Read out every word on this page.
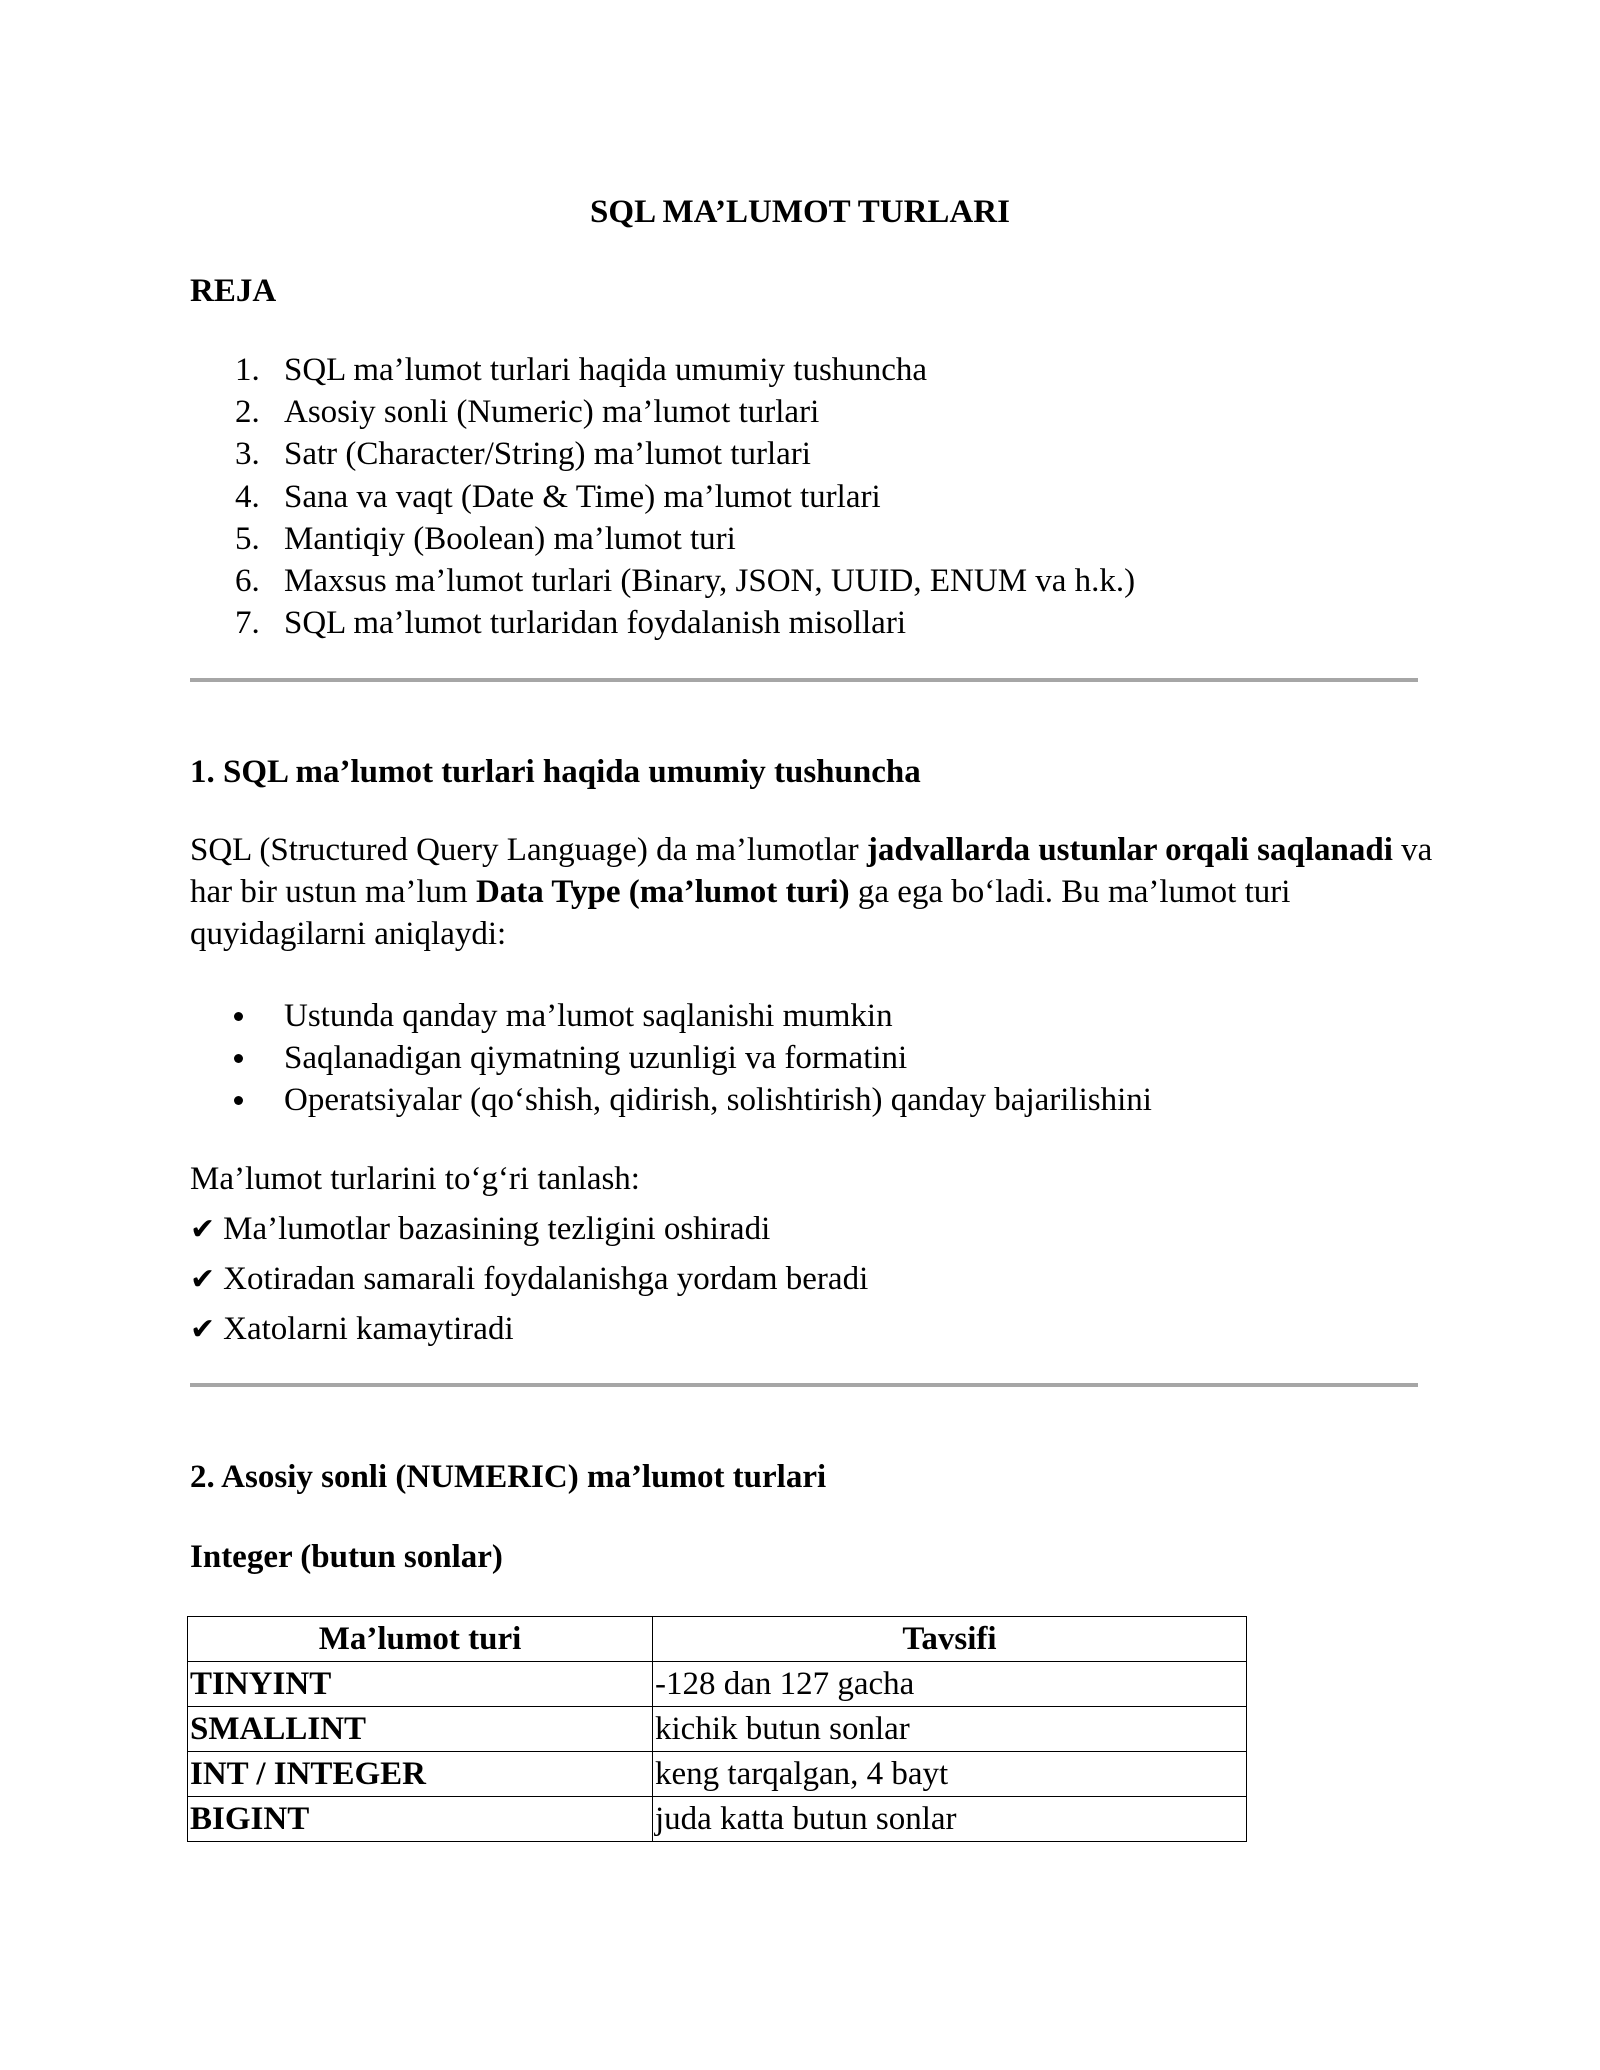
SQL MA’LUMOT TURLARI
REJA
1. SQL ma’lumot turlari haqida umumiy tushuncha
2. Asosiy sonli (Numeric) ma’lumot turlari
3. Satr (Character/String) ma’lumot turlari
4. Sana va vaqt (Date & Time) ma’lumot turlari
5. Mantiqiy (Boolean) ma’lumot turi
6. Maxsus ma’lumot turlari (Binary, JSON, UUID, ENUM va h.k.)
7. SQL ma’lumot turlaridan foydalanish misollari
1. SQL ma’lumot turlari haqida umumiy tushuncha

SQL (Structured Query Language) da ma’lumotlar jadvallarda ustunlar orqali saqlanadi va har bir ustun ma’lum Data Type (ma’lumot turi) ga ega bo‘ladi. Bu ma’lumot turi quyidagilarni aniqlaydi:

Ustunda qanday ma’lumot saqlanishi mumkin
Saqlanadigan qiymatning uzunligi va formatini
Operatsiyalar (qo‘shish, qidirish, solishtirish) qanday bajarilishini
Ma’lumot turlarini to‘g‘ri tanlash:
✔ Ma’lumotlar bazasining tezligini oshiradi
✔ Xotiradan samarali foydalanishga yordam beradi
✔ Xatolarni kamaytiradi
2. Asosiy sonli (NUMERIC) ma’lumot turlari
Integer (butun sonlar)
Ma’lumot turi	Tavsifi
TINYINT	-128 dan 127 gacha
SMALLINT	kichik butun sonlar
INT / INTEGER	keng tarqalgan, 4 bayt
BIGINT	juda katta butun sonlar
